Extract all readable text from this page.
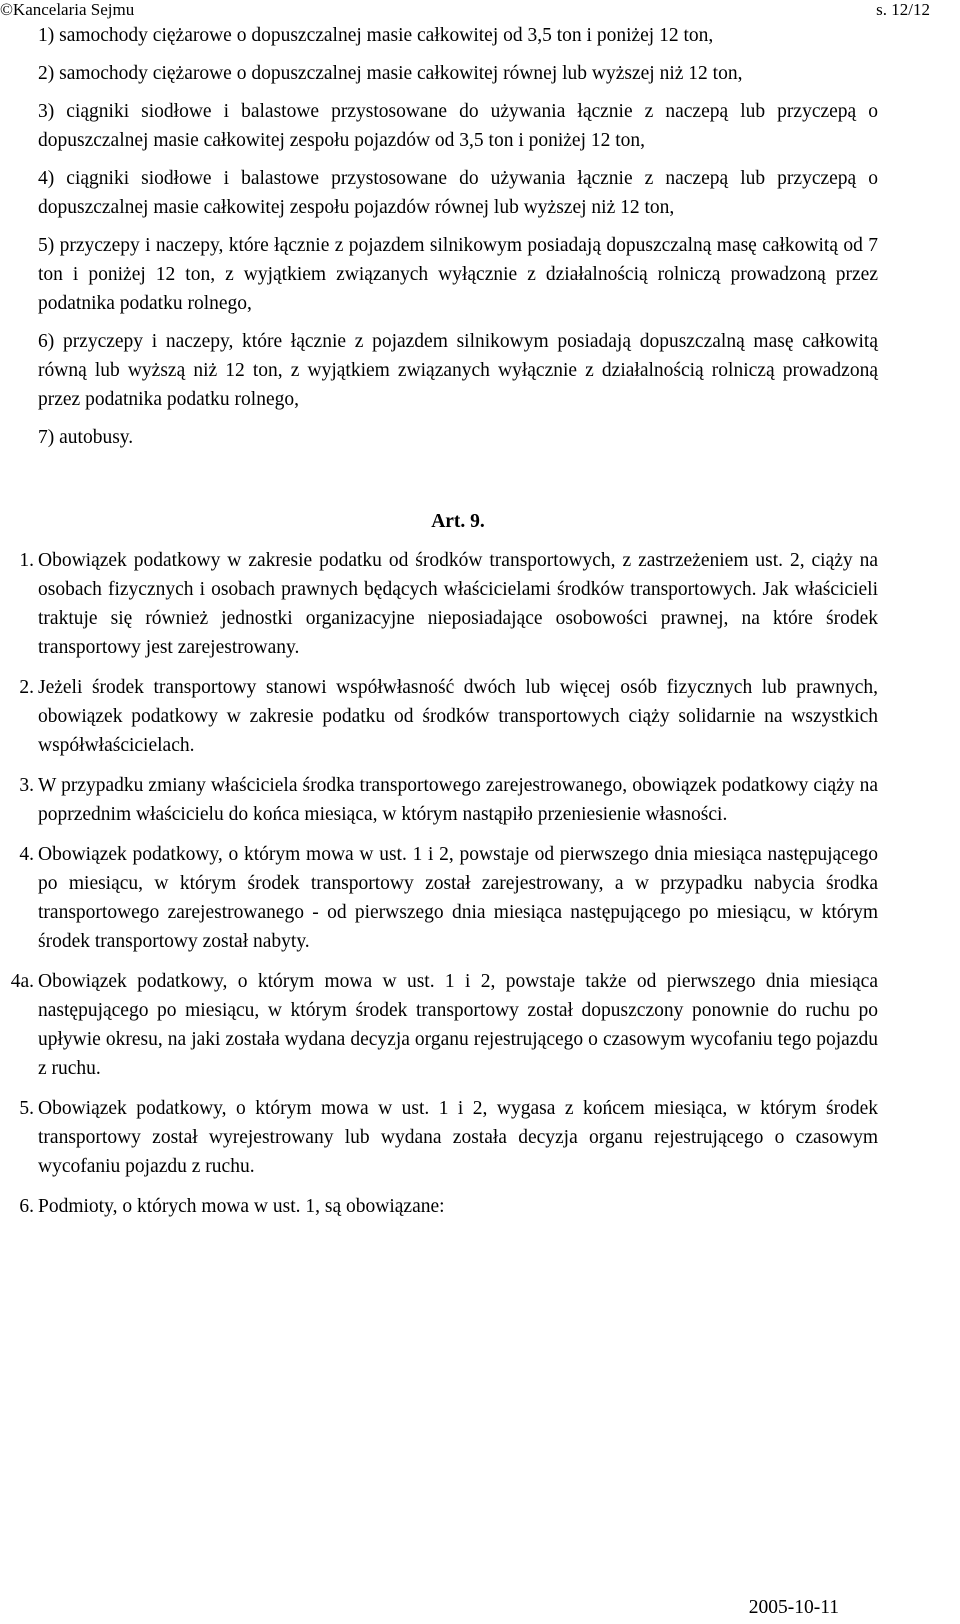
©Kancelaria Sejmu	s. 12/12
1) samochody ciężarowe o dopuszczalnej masie całkowitej od 3,5 ton i poniżej 12 ton,
2) samochody ciężarowe o dopuszczalnej masie całkowitej równej lub wyższej niż 12 ton,
3) ciągniki siodłowe i balastowe przystosowane do używania łącznie z naczepą lub przyczepą o dopuszczalnej masie całkowitej zespołu pojazdów od 3,5 ton i poniżej 12 ton,
4) ciągniki siodłowe i balastowe przystosowane do używania łącznie z naczepą lub przyczepą o dopuszczalnej masie całkowitej zespołu pojazdów równej lub wyższej niż 12 ton,
5) przyczepy i naczepy, które łącznie z pojazdem silnikowym posiadają dopuszczalną masę całkowitą od 7 ton i poniżej 12 ton, z wyjątkiem związanych wyłącznie z działalnością rolniczą prowadzoną przez podatnika podatku rolnego,
6) przyczepy i naczepy, które łącznie z pojazdem silnikowym posiadają dopuszczalną masę całkowitą równą lub wyższą niż 12 ton, z wyjątkiem związanych wyłącznie z działalnością rolniczą prowadzoną przez podatnika podatku rolnego,
7) autobusy.
Art. 9.
1. Obowiązek podatkowy w zakresie podatku od środków transportowych, z zastrzeżeniem ust. 2, ciąży na osobach fizycznych i osobach prawnych będących właścicielami środków transportowych. Jak właścicieli traktuje się również jednostki organizacyjne nieposiadające osobowości prawnej, na które środek transportowy jest zarejestrowany.
2. Jeżeli środek transportowy stanowi współwłasność dwóch lub więcej osób fizycznych lub prawnych, obowiązek podatkowy w zakresie podatku od środków transportowych ciąży solidarnie na wszystkich współwłaścicielach.
3. W przypadku zmiany właściciela środka transportowego zarejestrowanego, obowiązek podatkowy ciąży na poprzednim właścicielu do końca miesiąca, w którym nastąpiło przeniesienie własności.
4. Obowiązek podatkowy, o którym mowa w ust. 1 i 2, powstaje od pierwszego dnia miesiąca następującego po miesiącu, w którym środek transportowy został zarejestrowany, a w przypadku nabycia środka transportowego zarejestrowanego - od pierwszego dnia miesiąca następującego po miesiącu, w którym środek transportowy został nabyty.
4a. Obowiązek podatkowy, o którym mowa w ust. 1 i 2, powstaje także od pierwszego dnia miesiąca następującego po miesiącu, w którym środek transportowy został dopuszczony ponownie do ruchu po upływie okresu, na jaki została wydana decyzja organu rejestrującego o czasowym wycofaniu tego pojazdu z ruchu.
5. Obowiązek podatkowy, o którym mowa w ust. 1 i 2, wygasa z końcem miesiąca, w którym środek transportowy został wyrejestrowany lub wydana została decyzja organu rejestrującego o czasowym wycofaniu pojazdu z ruchu.
6. Podmioty, o których mowa w ust. 1, są obowiązane:
2005-10-11
